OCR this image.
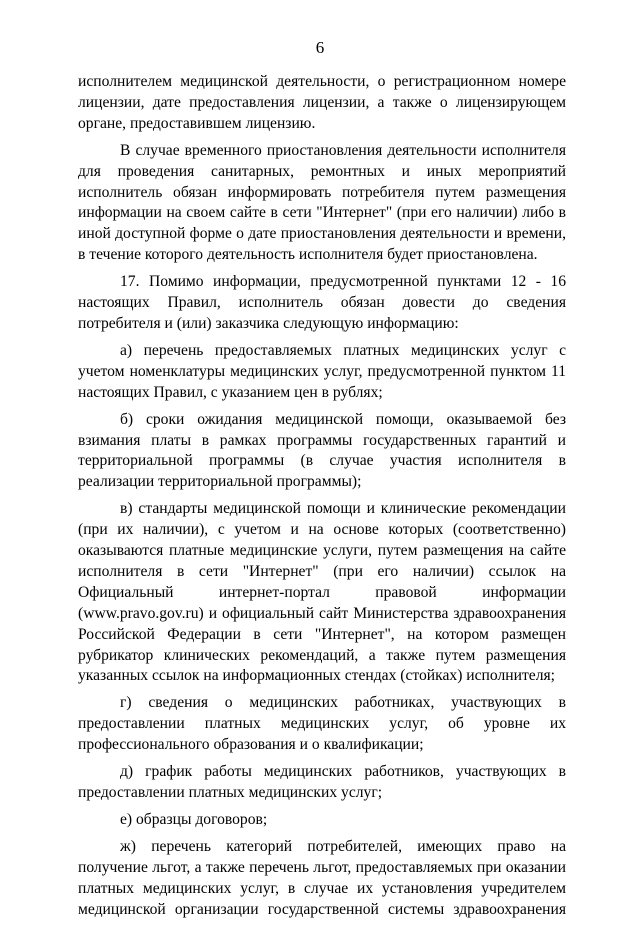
6

исполнителем медицинской деятельности, о регистрационном номере лицензии, дате предоставления лицензии, а также о лицензирующем органе, предоставившем лицензию.

В случае временного приостановления деятельности исполнителя для проведения санитарных, ремонтных и иных мероприятий исполнитель обязан информировать потребителя путем размещения информации на своем сайте в сети "Интернет" (при его наличии) либо в иной доступной форме о дате приостановления деятельности и времени, в течение которого деятельность исполнителя будет приостановлена.

17. Помимо информации, предусмотренной пунктами 12 - 16 настоящих Правил, исполнитель обязан довести до сведения потребителя и (или) заказчика следующую информацию:

а) перечень предоставляемых платных медицинских услуг с учетом номенклатуры медицинских услуг, предусмотренной пунктом 11 настоящих Правил, с указанием цен в рублях;

б) сроки ожидания медицинской помощи, оказываемой без взимания платы в рамках программы государственных гарантий и территориальной программы (в случае участия исполнителя в реализации территориальной программы);

в) стандарты медицинской помощи и клинические рекомендации (при их наличии), с учетом и на основе которых (соответственно) оказываются платные медицинские услуги, путем размещения на сайте исполнителя в сети "Интернет" (при его наличии) ссылок на Официальный интернет-портал правовой информации (www.pravo.gov.ru) и официальный сайт Министерства здравоохранения Российской Федерации в сети "Интернет", на котором размещен рубрикатор клинических рекомендаций, а также путем размещения указанных ссылок на информационных стендах (стойках) исполнителя;

г) сведения о медицинских работниках, участвующих в предоставлении платных медицинских услуг, об уровне их профессионального образования и о квалификации;

д) график работы медицинских работников, участвующих в предоставлении платных медицинских услуг;

е) образцы договоров;

ж) перечень категорий потребителей, имеющих право на получение льгот, а также перечень льгот, предоставляемых при оказании платных медицинских услуг, в случае их установления учредителем медицинской организации государственной системы здравоохранения
